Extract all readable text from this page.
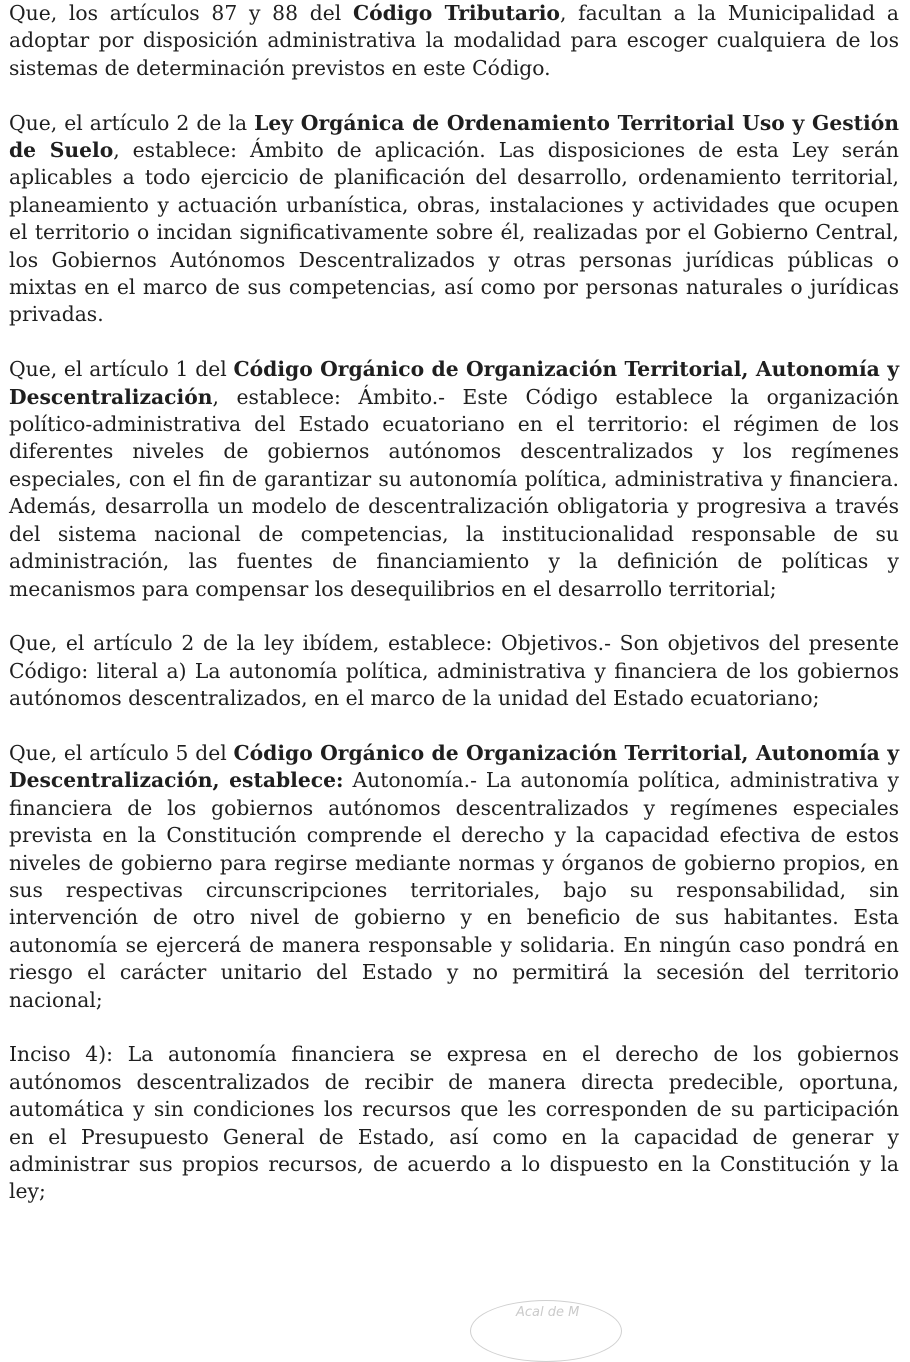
Que, los artículos 87 y 88 del Código Tributario, facultan a la Municipalidad a adoptar por disposición administrativa la modalidad para escoger cualquiera de los sistemas de determinación previstos en este Código.

Que, el artículo 2 de la Ley Orgánica de Ordenamiento Territorial Uso y Gestión de Suelo, establece: Ámbito de aplicación. Las disposiciones de esta Ley serán aplicables a todo ejercicio de planificación del desarrollo, ordenamiento territorial, planeamiento y actuación urbanística, obras, instalaciones y actividades que ocupen el territorio o incidan significativamente sobre él, realizadas por el Gobierno Central, los Gobiernos Autónomos Descentralizados y otras personas jurídicas públicas o mixtas en el marco de sus competencias, así como por personas naturales o jurídicas privadas.

Que, el artículo 1 del Código Orgánico de Organización Territorial, Autonomía y Descentralización, establece: Ámbito.- Este Código establece la organización político-administrativa del Estado ecuatoriano en el territorio: el régimen de los diferentes niveles de gobiernos autónomos descentralizados y los regímenes especiales, con el fin de garantizar su autonomía política, administrativa y financiera. Además, desarrolla un modelo de descentralización obligatoria y progresiva a través del sistema nacional de competencias, la institucionalidad responsable de su administración, las fuentes de financiamiento y la definición de políticas y mecanismos para compensar los desequilibrios en el desarrollo territorial;

Que, el artículo 2 de la ley ibídem, establece: Objetivos.- Son objetivos del presente Código: literal a) La autonomía política, administrativa y financiera de los gobiernos autónomos descentralizados, en el marco de la unidad del Estado ecuatoriano;

Que, el artículo 5 del Código Orgánico de Organización Territorial, Autonomía y Descentralización, establece: Autonomía.- La autonomía política, administrativa y financiera de los gobiernos autónomos descentralizados y regímenes especiales prevista en la Constitución comprende el derecho y la capacidad efectiva de estos niveles de gobierno para regirse mediante normas y órganos de gobierno propios, en sus respectivas circunscripciones territoriales, bajo su responsabilidad, sin intervención de otro nivel de gobierno y en beneficio de sus habitantes. Esta autonomía se ejercerá de manera responsable y solidaria. En ningún caso pondrá en riesgo el carácter unitario del Estado y no permitirá la secesión del territorio nacional;

Inciso 4): La autonomía financiera se expresa en el derecho de los gobiernos autónomos descentralizados de recibir de manera directa predecible, oportuna, automática y sin condiciones los recursos que les corresponden de su participación en el Presupuesto General de Estado, así como en la capacidad de generar y administrar sus propios recursos, de acuerdo a lo dispuesto en la Constitución y la ley;

Acal de M
